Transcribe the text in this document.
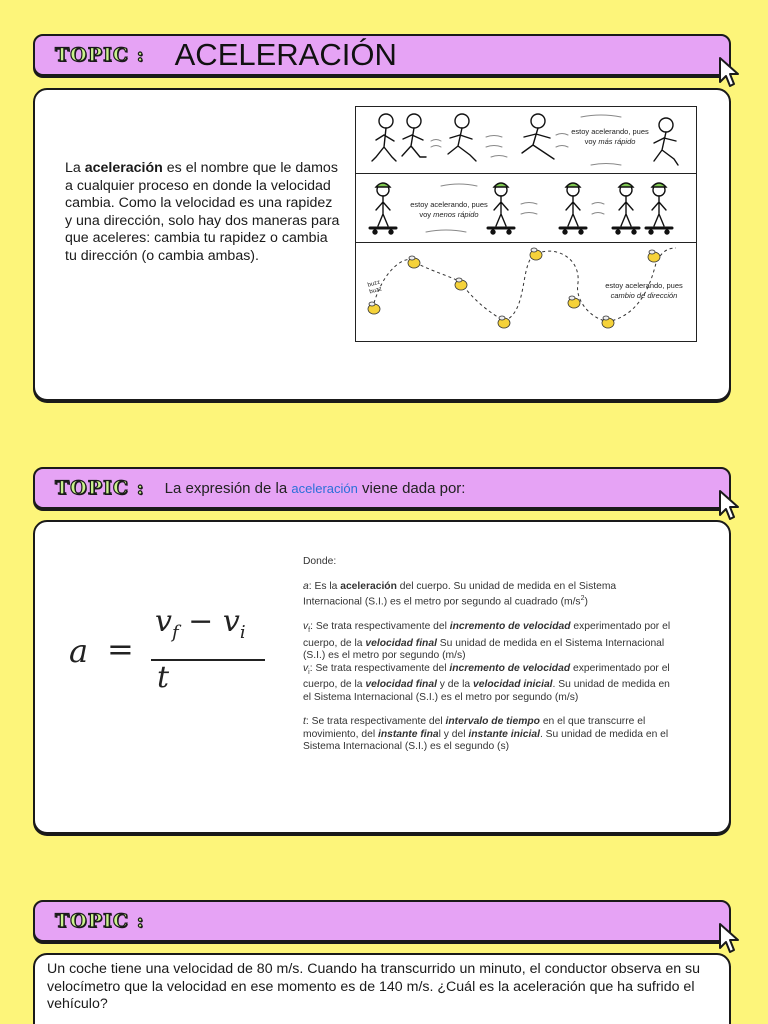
TOPIC : ACELERACIÓN
La aceleración es el nombre que le damos a cualquier proceso en donde la velocidad cambia. Como la velocidad es una rapidez y una dirección, solo hay dos maneras para que aceleres: cambia tu rapidez o cambia tu dirección (o cambia ambas).
estoy acelerando, pues
voy más rápido
estoy acelerando, pues
voy menos rápido
buzz buzz
estoy acelerando, pues
cambio de dirección
TOPIC : La expresión de la aceleración viene dada por:
a =
$v_f - v_i$
t

Donde:

a: Es la aceleración del cuerpo. Su unidad de medida en el Sistema Internacional (S.I.) es el metro por segundo al cuadrado $(m/s^2)$

$v_f$: Se trata respectivamente del incremento de velocidad experimentado por el cuerpo, de la velocidad final Su unidad de medida en el Sistema Internacional (S.I.) es el metro por segundo (m/s)

$v_i$: Se trata respectivamente del incremento de velocidad experimentado por el cuerpo, de la velocidad final y de la velocidad inicial. Su unidad de medida en el Sistema Internacional (S.I.) es el metro por segundo (m/s)

t: Se trata respectivamente del intervalo de tiempo en el que transcurre el movimiento, del instante final y del instante inicial. Su unidad de medida en el Sistema Internacional (S.I.) es el segundo (s)

TOPIC :
Un coche tiene una velocidad de 80 m/s. Cuando ha transcurrido un minuto, el conductor observa en su velocímetro que la velocidad en ese momento es de 140 m/s. ¿Cuál es la aceleración que ha sufrido el vehículo?
